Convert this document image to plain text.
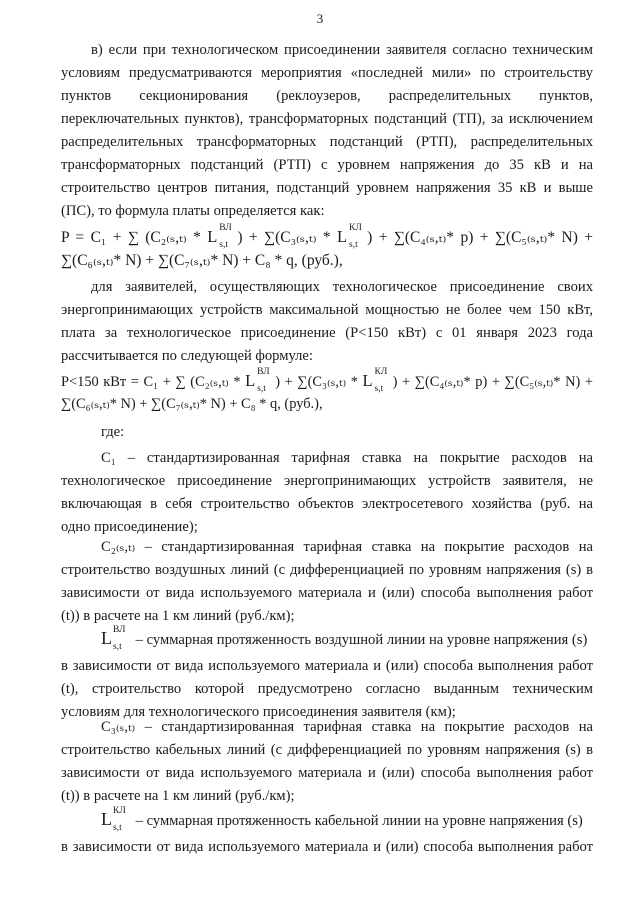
3
в) если при технологическом присоединении заявителя согласно техническим
условиям предусматриваются мероприятия «последней мили» по строительству
пунктов секционирования (реклоузеров, распределительных пунктов,
переключательных пунктов), трансформаторных подстанций (ТП), за исключением
распределительных трансформаторных подстанций (РТП), распределительных
трансформаторных подстанций (РТП) с уровнем напряжения до 35 кВ и на
строительство центров питания, подстанций уровнем напряжения 35 кВ и выше
(ПС), то формула платы определяется как:
P = C₁ + ∑ (C₂₍ₛ,ₜ₎ * L ВЛ
s,t ) + ∑(C₃₍ₛ,ₜ₎ * L КЛ
s,t ) + ∑(C₄₍ₛ,ₜ₎* p) + ∑(C₅₍ₛ,ₜ₎* N) +
∑(C₆₍ₛ,ₜ₎* N) + ∑(C₇₍ₛ,ₜ₎* N) + C₈ * q, (руб.),
для заявителей, осуществляющих технологическое присоединение своих
энергопринимающих устройств максимальной мощностью не более чем 150 кВт,
плата за технологическое присоединение (P<150 кВт) с 01 января 2023 года
рассчитывается по следующей формуле:
P<150 кВт = C₁ + ∑ (C₂₍ₛ,ₜ₎ * L ВЛ
s,t ) + ∑(C₃₍ₛ,ₜ₎ * L КЛ
s,t ) + ∑(C₄₍ₛ,ₜ₎* p) + ∑(C₅₍ₛ,ₜ₎* N) +
∑(C₆₍ₛ,ₜ₎* N) + ∑(C₇₍ₛ,ₜ₎* N) + C₈ * q, (руб.),
где:
C₁ – стандартизированная тарифная ставка на покрытие расходов на
технологическое присоединение энергопринимающих устройств заявителя, не
включающая в себя строительство объектов электросетевого хозяйства (руб. на
одно присоединение);
C₂₍ₛ,ₜ₎ – стандартизированная тарифная ставка на покрытие расходов на
строительство воздушных линий (с дифференциацией по уровням напряжения (s) в
зависимости от вида используемого материала и (или) способа выполнения работ
(t)) в расчете на 1 км линий (руб./км);
L ВЛ
s,t – суммарная протяженность воздушной линии на уровне напряжения (s)
в зависимости от вида используемого материала и (или) способа выполнения работ
(t), строительство которой предусмотрено согласно выданным техническим
условиям для технологического присоединения заявителя (км);
C₃₍ₛ,ₜ₎ – стандартизированная тарифная ставка на покрытие расходов на
строительство кабельных линий (с дифференциацией по уровням напряжения (s) в
зависимости от вида используемого материала и (или) способа выполнения работ
(t)) в расчете на 1 км линий (руб./км);
L КЛ
s,t – суммарная протяженность кабельной линии на уровне напряжения (s)
в зависимости от вида используемого материала и (или) способа выполнения работ
